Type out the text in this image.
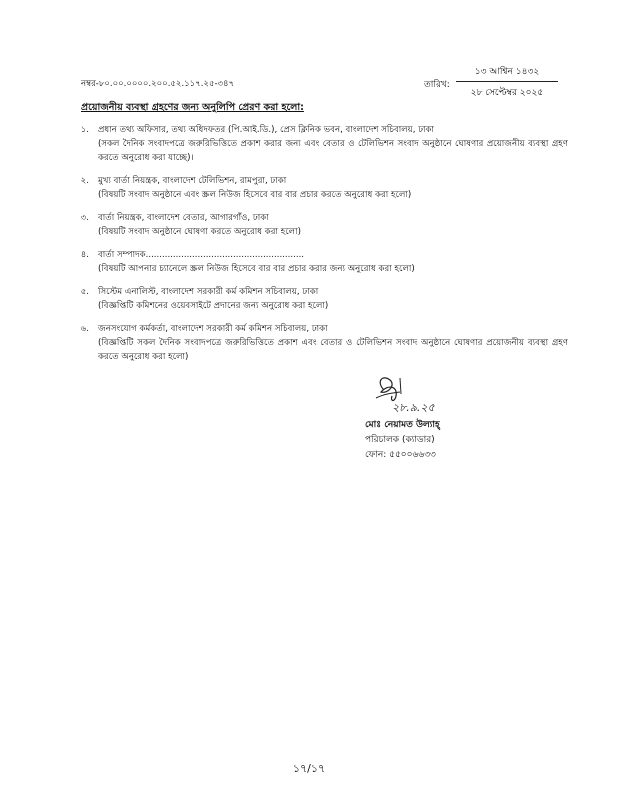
নম্বর-৮০.০০.০০০০.২০০.৫২.১১৭.২৫-৩৪৭	তারিখ:
১৩ আশ্বিন ১৪৩২
২৮ সেপ্টেম্বর ২০২৫
প্রয়োজনীয় ব্যবস্থা গ্রহণের জন্য অনুলিপি প্রেরণ করা হলো:
১. প্রধান তথ্য অফিসার, তথ্য অধিদফতর (পি.আই.ডি.), প্রেস ক্লিনিক ভবন, বাংলাদেশ সচিবালয়, ঢাকা
(সকল দৈনিক সংবাদপত্রে জরুরিভিত্তিতে প্রকাশ করার জন্য এবং বেতার ও টেলিভিশন সংবাদ অনুষ্ঠানে ঘোষণার প্রয়োজনীয় ব্যবস্থা গ্রহণ করতে অনুরোধ করা যাচ্ছে)।
২. মুখ্য বার্তা নিয়ন্ত্রক, বাংলাদেশ টেলিভিশন, রামপুরা, ঢাকা
(বিষয়টি সংবাদ অনুষ্ঠানে এবং স্ক্রল নিউজ হিসেবে বার বার প্রচার করতে অনুরোধ করা হলো)
৩. বার্তা নিয়ন্ত্রক, বাংলাদেশ বেতার, আগারগাঁও, ঢাকা
(বিষয়টি সংবাদ অনুষ্ঠানে ঘোষণা করতে অনুরোধ করা হলো)
৪. বার্তা সম্পাদক..........................................................
(বিষয়টি আপনার চ্যানেলে স্ক্রল নিউজ হিসেবে বার বার প্রচার করার জন্য অনুরোধ করা হলো)
৫. সিস্টেম এনালিস্ট, বাংলাদেশ সরকারী কর্ম কমিশন সচিবালয়, ঢাকা
(বিজ্ঞপ্তিটি কমিশনের ওয়েবসাইটে প্রদানের জন্য অনুরোধ করা হলো)
৬. জনসংযোগ কর্মকর্তা, বাংলাদেশ সরকারী কর্ম কমিশন সচিবালয়, ঢাকা
(বিজ্ঞপ্তিটি সকল দৈনিক সংবাদপত্রে জরুরিভিত্তিতে প্রকাশ এবং বেতার ও টেলিভিশন সংবাদ অনুষ্ঠানে ঘোষণার প্রয়োজনীয় ব্যবস্থা গ্রহণ করতে অনুরোধ করা হলো)
২৮.৯.২৫
মোঃ নেয়ামত উল্যাহ্
পরিচালক (ক্যাডার)
ফোন: ৫৫০০৬৬৩৩
১৭/১৭
